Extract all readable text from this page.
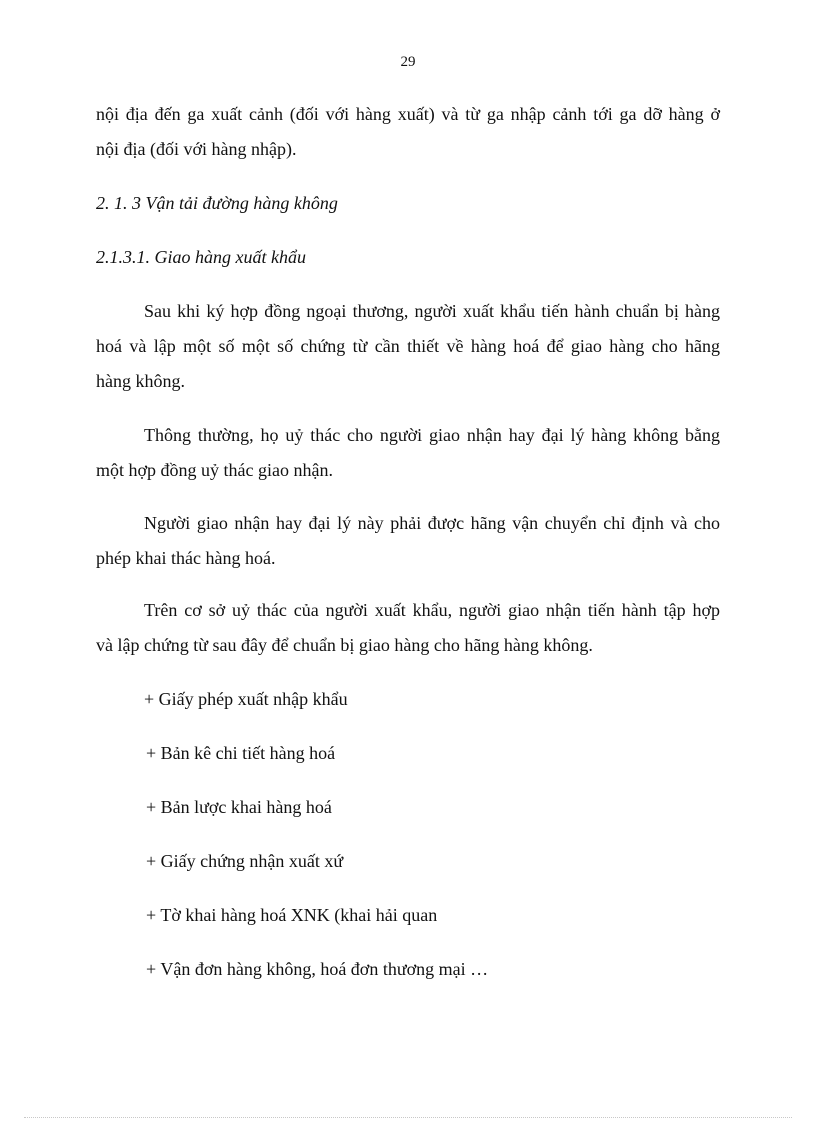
29
nội địa đến ga xuất cảnh (đối với hàng xuất) và từ ga nhập cảnh tới ga dỡ hàng ở
nội địa (đối với hàng nhập).
2. 1. 3 Vận tải đường hàng không
2.1.3.1. Giao hàng xuất khẩu
Sau khi ký hợp đồng ngoại thương, người xuất khẩu tiến hành chuẩn bị hàng
hoá và lập một số một số chứng từ cần thiết về hàng hoá để giao hàng cho hãng
hàng không.
Thông thường, họ uỷ thác cho người giao nhận hay đại lý hàng không bằng
một hợp đồng uỷ thác giao nhận.
Người giao nhận hay đại lý này phải được hãng vận chuyển chỉ định và cho
phép khai thác hàng hoá.
Trên cơ sở uỷ thác của người xuất khẩu, người giao nhận tiến hành tập hợp
và lập chứng từ sau đây để chuẩn bị giao hàng cho hãng hàng không.
+ Giấy phép xuất nhập khẩu
+ Bản kê chi tiết hàng hoá
+ Bản lược khai hàng hoá
+ Giấy chứng nhận xuất xứ
+ Tờ khai hàng hoá XNK (khai hải quan
+ Vận đơn hàng không, hoá đơn thương mại …
